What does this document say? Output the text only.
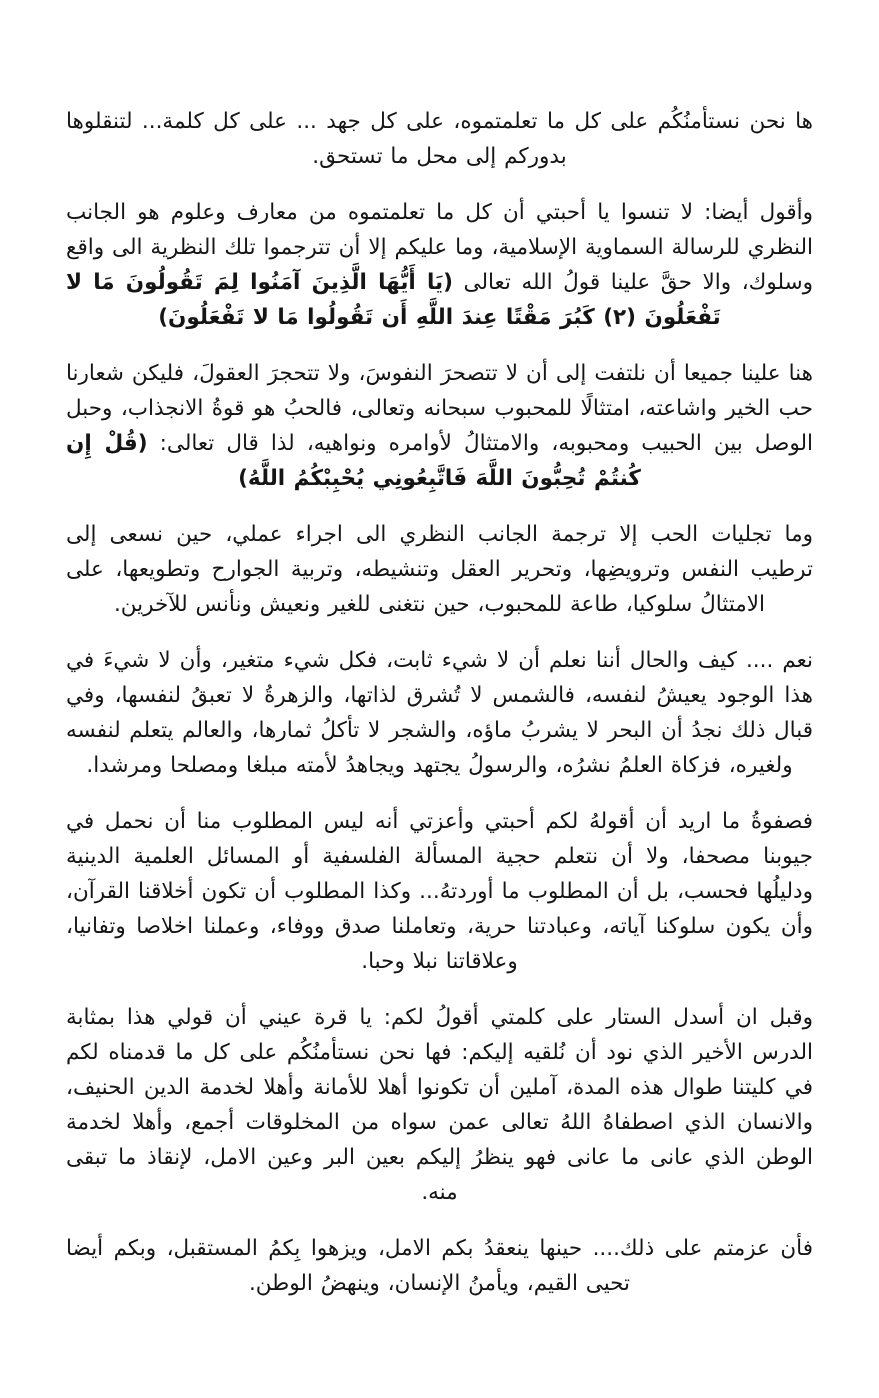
ها نحن نستأمنُكُم على كل ما تعلمتموه، على كل جهد ... على كل كلمة... لتنقلوها بدوركم إلى محل ما تستحق.

وأقول أيضا: لا تنسوا يا أحبتي أن كل ما تعلمتموه من معارف وعلوم هو الجانب النظري للرسالة السماوية الإسلامية، وما عليكم إلا أن تترجموا تلك النظرية الى واقع وسلوك، والا حقَّ علينا قولُ الله تعالى (يَا أَيُّهَا الَّذِينَ آمَنُوا لِمَ تَقُولُونَ مَا لا تَفْعَلُونَ (٢) كَبُرَ مَقْتًا عِندَ اللَّهِ أَن تَقُولُوا مَا لا تَفْعَلُونَ)

هنا علينا جميعا أن نلتفت إلى أن لا تتصحرَ النفوسَ، ولا تتحجرَ العقولَ، فليكن شعارنا حب الخير واشاعته، امتثالًا للمحبوب سبحانه وتعالى، فالحبُ هو قوةُ الانجذاب، وحبل الوصل بين الحبيب ومحبوبه، والامتثالُ لأوامره ونواهيه، لذا قال تعالى: (قُلْ إِن كُنتُمْ تُحِبُّونَ اللَّهَ فَاتَّبِعُونِي يُحْبِبْكُمُ اللَّهُ)

وما تجليات الحب إلا ترجمة الجانب النظري الى اجراء عملي، حين نسعى إلى ترطيب النفس وترويضِها، وتحرير العقل وتنشيطه، وتربية الجوارح وتطويعها، على الامتثالُ سلوكيا، طاعة للمحبوب، حين نتغنى للغير ونعيش ونأنس للآخرين.

نعم .... كيف والحال أننا نعلم أن لا شيء ثابت، فكل شيء متغير، وأن لا شيءَ في هذا الوجود يعيشُ لنفسه، فالشمس لا تُشرق لذاتها، والزهرةُ لا تعبقُ لنفسها، وفي قبال ذلك نجدُ أن البحر لا يشربُ ماؤه، والشجر لا تأكلُ ثمارها، والعالم يتعلم لنفسه ولغيره، فزكاة العلمُ نشرُه، والرسولُ يجتهد ويجاهدُ لأمته مبلغا ومصلحا ومرشدا.

فصفوةُ ما اريد أن أقولهُ لكم أحبتي وأعزتي أنه ليس المطلوب منا أن نحمل في جيوبنا مصحفا، ولا أن نتعلم حجية المسألة الفلسفية أو المسائل العلمية الدينية ودليلُها فحسب، بل أن المطلوب ما أوردتهُ... وكذا المطلوب أن تكون أخلاقنا القرآن، وأن يكون سلوكنا آياته، وعبادتنا حرية، وتعاملنا صدق ووفاء، وعملنا اخلاصا وتفانيا، وعلاقاتنا نبلا وحبا.

وقبل ان أسدل الستار على كلمتي أقولُ لكم: يا قرة عيني أن قولي هذا بمثابة الدرس الأخير الذي نود أن نُلقيه إليكم: فها نحن نستأمنُكُم على كل ما قدمناه لكم في كليتنا طوال هذه المدة، آملين أن تكونوا أهلا للأمانة وأهلا لخدمة الدين الحنيف، والانسان الذي اصطفاهُ اللهُ تعالى عمن سواه من المخلوقات أجمع، وأهلا لخدمة الوطن الذي عانى ما عانى فهو ينظرُ إليكم بعين البر وعين الامل، لإنقاذ ما تبقى منه.

فأن عزمتم على ذلك.... حينها ينعقدُ بكم الامل، ويزهوا بِكمُ المستقبل، وبكم أيضا تحيى القيم، ويأمنُ الإنسان، وينهضُ الوطن.
